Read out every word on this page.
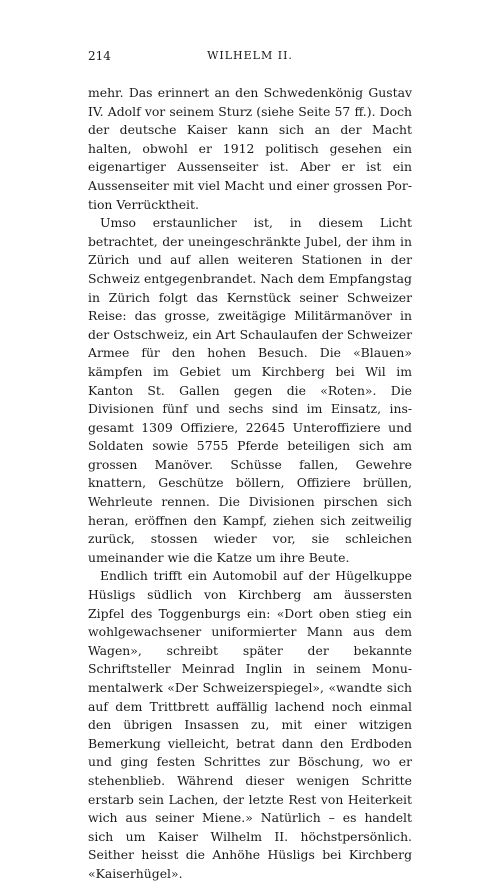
214	WILHELM II.

mehr. Das erinnert an den Schwedenkönig Gustav IV. Adolf vor seinem Sturz (siehe Seite 57 ff.). Doch der deutsche Kaiser kann sich an der Macht halten, obwohl er 1912 politisch gesehen ein eigenartiger Aussenseiter ist. Aber er ist ein Aussenseiter mit viel Macht und einer grossen Portion Verrücktheit.

Umso erstaunlicher ist, in diesem Licht betrachtet, der uneingeschränkte Jubel, der ihm in Zürich und auf allen weiteren Stationen in der Schweiz entgegenbrandet. Nach dem Empfangstag in Zürich folgt das Kernstück seiner Schweizer Reise: das grosse, zweitägige Militärmanöver in der Ostschweiz, ein Art Schaulaufen der Schweizer Armee für den hohen Besuch. Die «Blauen» kämpfen im Gebiet um Kirchberg bei Wil im Kanton St. Gallen gegen die «Roten». Die Divisionen fünf und sechs sind im Einsatz, insgesamt 1309 Offiziere, 22645 Unteroffiziere und Soldaten sowie 5755 Pferde beteiligen sich am grossen Manöver. Schüsse fallen, Gewehre knattern, Geschütze böllern, Offiziere brüllen, Wehrleute rennen. Die Divisionen pirschen sich heran, eröffnen den Kampf, ziehen sich zeitweilig zurück, stossen wieder vor, sie schleichen umeinander wie die Katze um ihre Beute.

Endlich trifft ein Automobil auf der Hügelkuppe Hüsligs südlich von Kirchberg am äussersten Zipfel des Toggenburgs ein: «Dort oben stieg ein wohlgewachsener uniformierter Mann aus dem Wagen», schreibt später der bekannte Schriftsteller Meinrad Inglin in seinem Monumentalwerk «Der Schweizerspiegel», «wandte sich auf dem Trittbrett auffällig lachend noch einmal den übrigen Insassen zu, mit einer witzigen Bemerkung vielleicht, betrat dann den Erdboden und ging festen Schrittes zur Böschung, wo er stehenblieb. Während dieser wenigen Schritte erstarb sein Lachen, der letzte Rest von Heiterkeit wich aus seiner Miene.» Natürlich – es handelt sich um Kaiser Wilhelm II. höchstpersönlich. Seither heisst die Anhöhe Hüsligs bei Kirchberg «Kaiserhügel».
